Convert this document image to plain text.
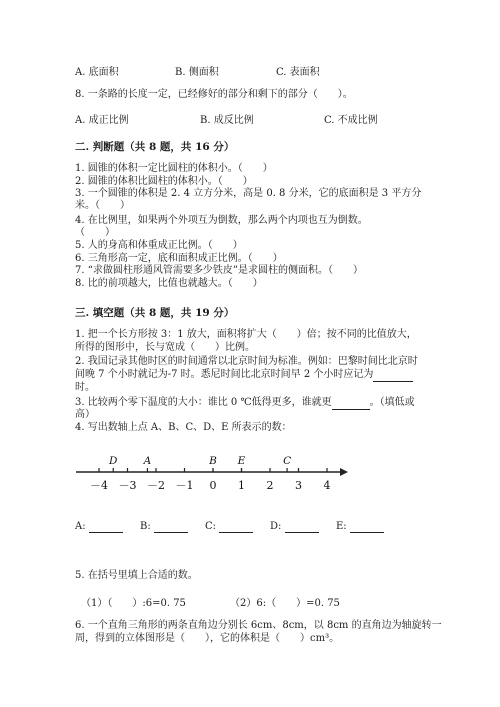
A. 底面积	B. 侧面积	C. 表面积
8. 一条路的长度一定，已经修好的部分和剩下的部分（　　）。
A. 成正比例	B. 成反比例	C. 不成比例
二. 判断题（共 8 题，共 16 分）
1. 圆锥的体积一定比圆柱的体积小。（　　）
2. 圆锥的体积比圆柱的体积小。（　　）
3. 一个圆锥的体积是 2. 4 立方分米，高是 0. 8 分米，它的底面积是 3 平方分
米。（　　）
4. 在比例里，如果两个外项互为倒数，那么两个内项也互为倒数。
（　　）
5. 人的身高和体重成正比例。（　　）
6. 三角形高一定，底和面积成正比例。（　　）
7. “求做圆柱形通风管需要多少铁皮”是求圆柱的侧面积。（　　）
8. 比的前项越大，比值也就越大。（　　）
三. 填空题（共 8 题，共 19 分）
1. 把一个长方形按 3：1 放大，面积将扩大（　　）倍；按不同的比值放大，
所得的图形中，长与宽成（　　）比例。
2. 我国记录其他时区的时间通常以北京时间为标准。例如：巴黎时间比北京时
间晚 7 个小时就记为-7 时。悉尼时间比北京时间早 2 个小时应记为
时。
3. 比较两个零下温度的大小：谁比 0 ℃低得更多，谁就更	。（填低或
高）
4. 写出数轴上点 A、B、C、D、E 所表示的数：
－4 －3 －2 －1 0 1 2 3 4
D A	B E	C
A:	B:	C:	D:	E:
5. 在括号里填上合适的数。
（1）（　　）:6=0. 75	（2）6:（　　）=0. 75
6. 一个直角三角形的两条直角边分别长 6cm、8cm，以 8cm 的直角边为轴旋转一
周，得到的立体图形是（　　），它的体积是（　　）cm³。
